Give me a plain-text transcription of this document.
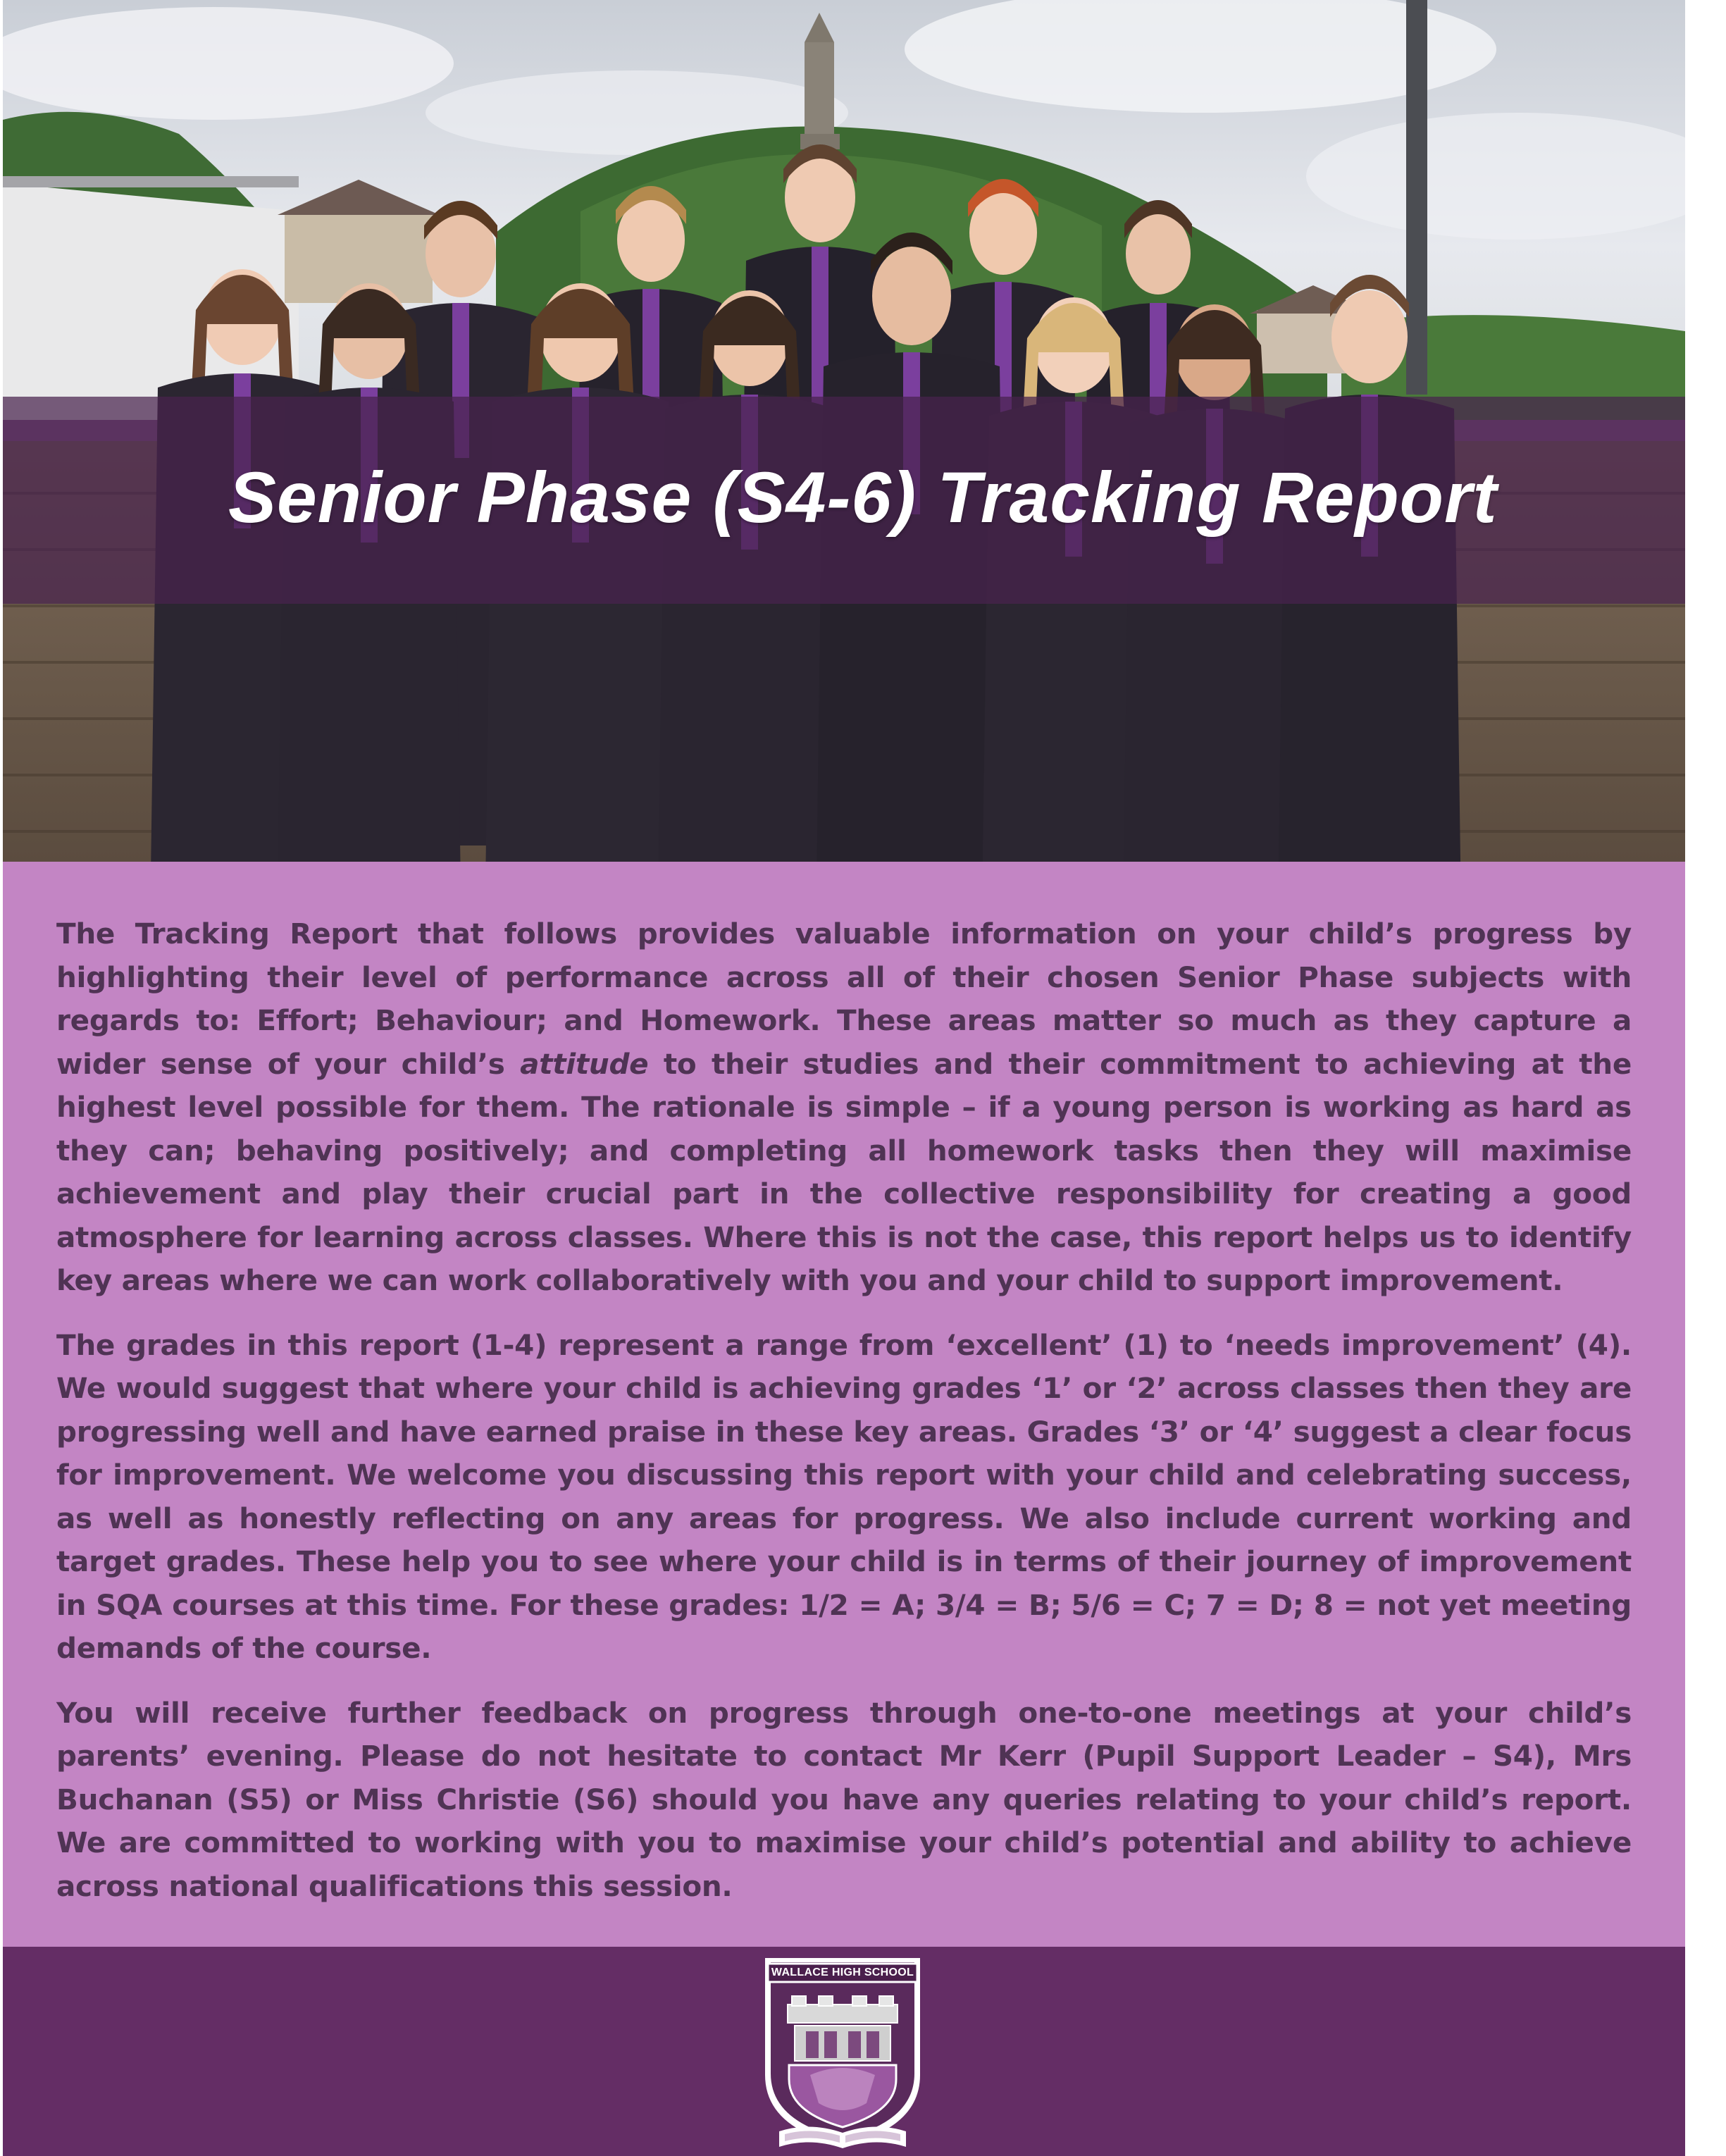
Senior Phase (S4-6) Tracking Report

The Tracking Report that follows provides valuable information on your child’s progress by highlighting their level of performance across all of their chosen Senior Phase subjects with regards to: Effort; Behaviour; and Homework. These areas matter so much as they capture a wider sense of your child’s attitude to their studies and their commitment to achieving at the highest level possible for them. The rationale is simple – if a young person is working as hard as they can; behaving positively; and completing all homework tasks then they will maximise achievement and play their crucial part in the collective responsibility for creating a good atmosphere for learning across classes. Where this is not the case, this report helps us to identify key areas where we can work collaboratively with you and your child to support improvement.

The grades in this report (1-4) represent a range from ‘excellent’ (1) to ‘needs improvement’ (4). We would suggest that where your child is achieving grades ‘1’ or ‘2’ across classes then they are progressing well and have earned praise in these key areas. Grades ‘3’ or ‘4’ suggest a clear focus for improvement. We welcome you discussing this report with your child and celebrating success, as well as honestly reflecting on any areas for progress. We also include current working and target grades. These help you to see where your child is in terms of their journey of improvement in SQA courses at this time. For these grades: 1/2 = A; 3/4 = B; 5/6 = C; 7 = D; 8 = not yet meeting demands of the course.

You will receive further feedback on progress through one-to-one meetings at your child’s parents’ evening. Please do not hesitate to contact Mr Kerr (Pupil Support Leader – S4), Mrs Buchanan (S5) or Miss Christie (S6) should you have any queries relating to your child’s report. We are committed to working with you to maximise your child’s potential and ability to achieve across national qualifications this session.

WALLACE HIGH SCHOOL
